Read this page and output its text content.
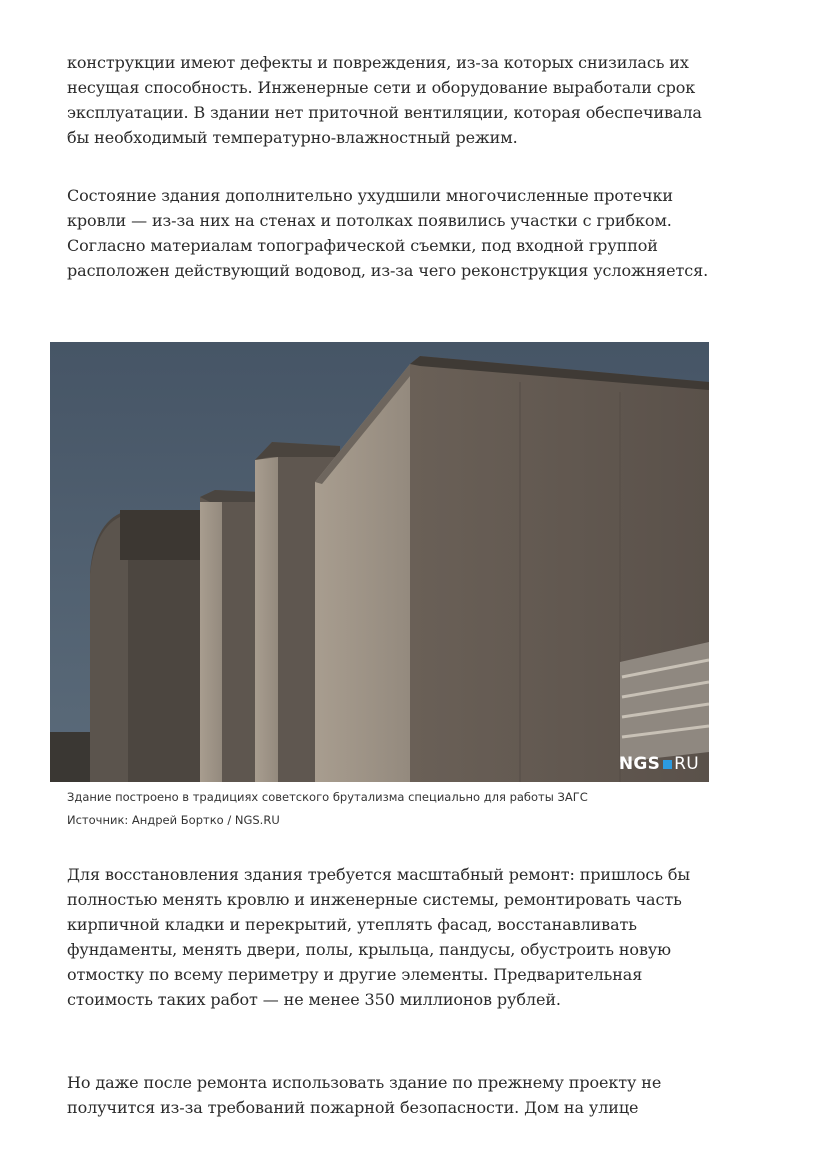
конструкции имеют дефекты и повреждения, из-за которых снизилась их несущая способность. Инженерные сети и оборудование выработали срок эксплуатации. В здании нет приточной вентиляции, которая обеспечивала бы необходимый температурно-влажностный режим.

Состояние здания дополнительно ухудшили многочисленные протечки кровли — из-за них на стенах и потолках появились участки с грибком. Согласно материалам топографической съемки, под входной группой расположен действующий водовод, из-за чего реконструкция усложняется.

NGS RU

Здание построено в традициях советского брутализма специально для работы ЗАГС

Источник: Андрей Бортко / NGS.RU

Для восстановления здания требуется масштабный ремонт: пришлось бы полностью менять кровлю и инженерные системы, ремонтировать часть кирпичной кладки и перекрытий, утеплять фасад, восстанавливать фундаменты, менять двери, полы, крыльца, пандусы, обустроить новую отмостку по всему периметру и другие элементы. Предварительная стоимость таких работ — не менее 350 миллионов рублей.

Но даже после ремонта использовать здание по прежнему проекту не получится из-за требований пожарной безопасности. Дом на улице
